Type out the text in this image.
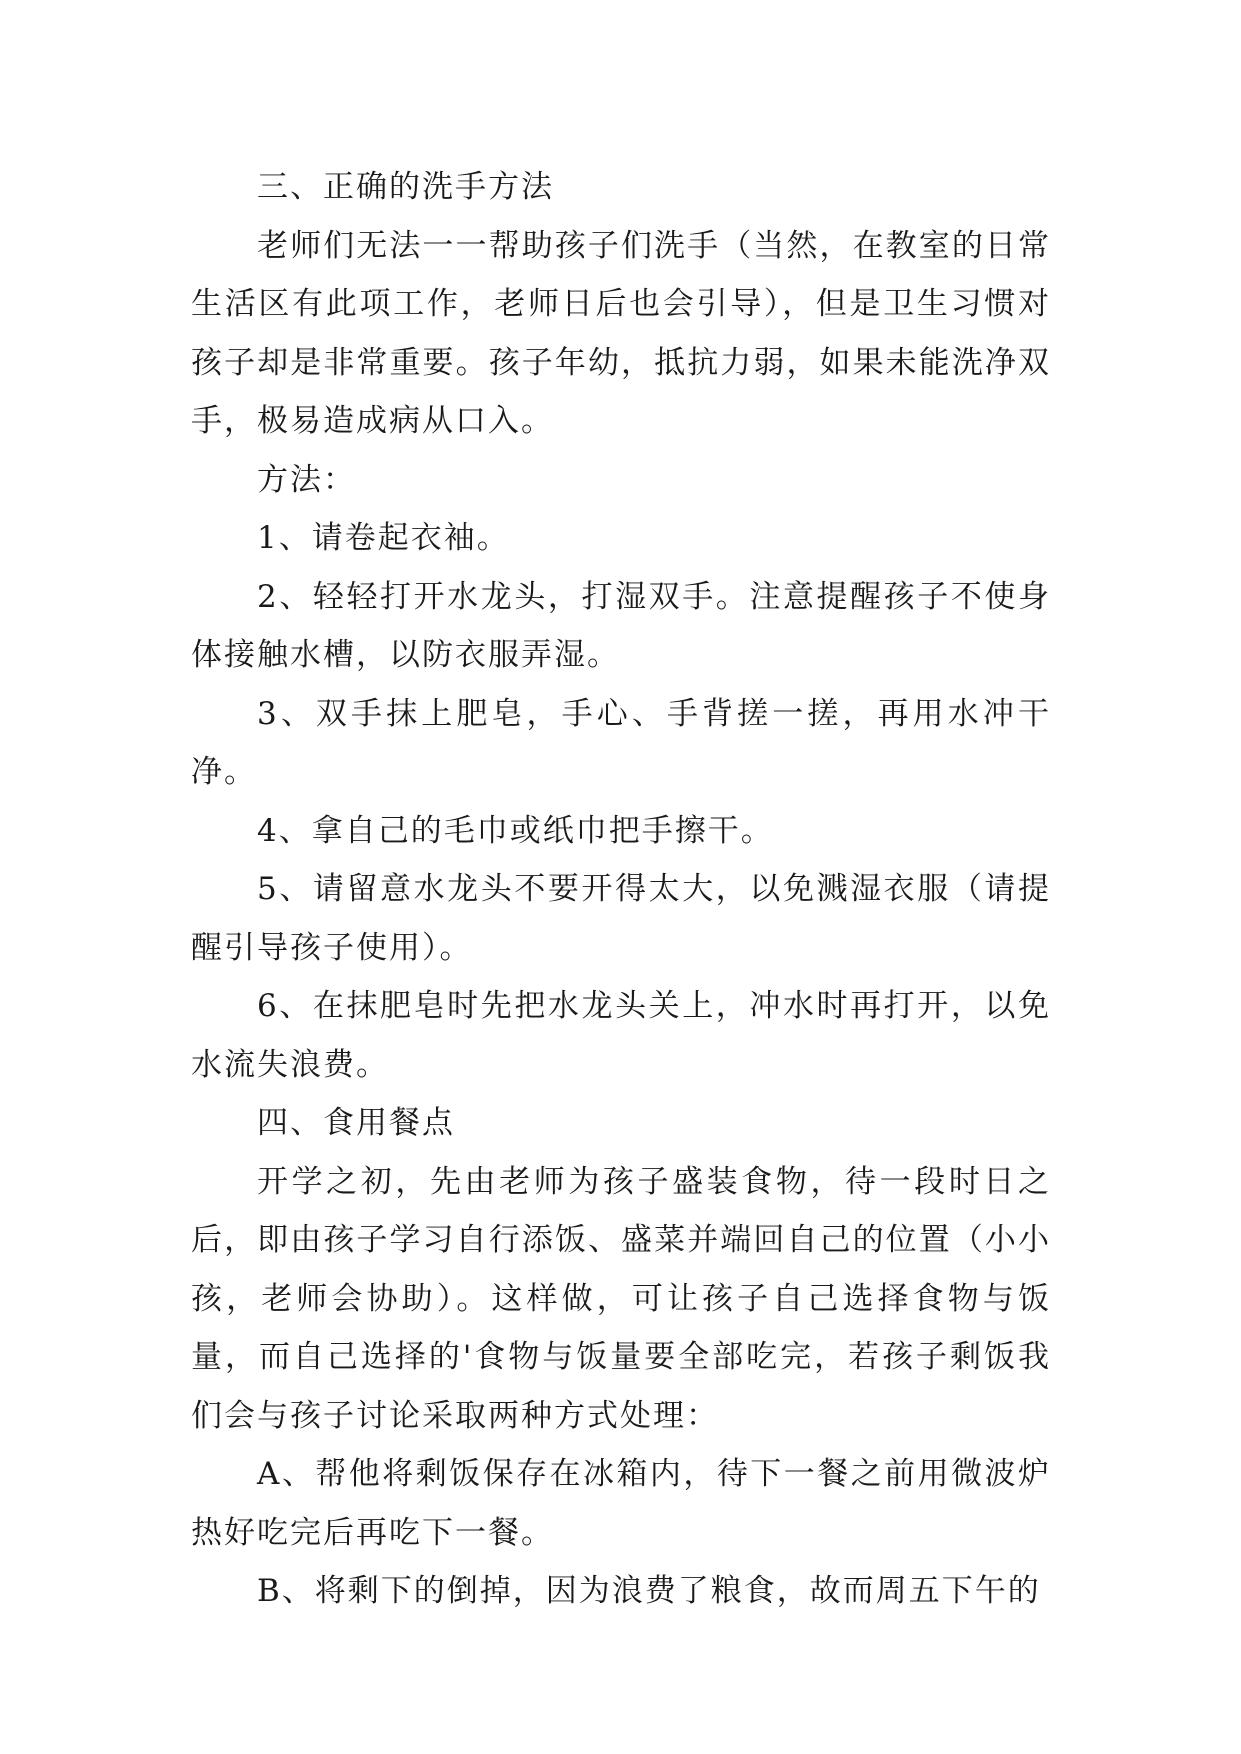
三、正确的洗手方法

老师们无法一一帮助孩子们洗手（当然，在教室的日常生活区有此项工作，老师日后也会引导），但是卫生习惯对孩子却是非常重要。孩子年幼，抵抗力弱，如果未能洗净双手，极易造成病从口入。

方法：

1、请卷起衣袖。

2、轻轻打开水龙头，打湿双手。注意提醒孩子不使身体接触水槽，以防衣服弄湿。

3、双手抹上肥皂，手心、手背搓一搓，再用水冲干净。

4、拿自己的毛巾或纸巾把手擦干。

5、请留意水龙头不要开得太大，以免溅湿衣服（请提醒引导孩子使用）。

6、在抹肥皂时先把水龙头关上，冲水时再打开，以免水流失浪费。

四、食用餐点

开学之初，先由老师为孩子盛装食物，待一段时日之后，即由孩子学习自行添饭、盛菜并端回自己的位置（小小孩，老师会协助）。这样做，可让孩子自己选择食物与饭量，而自己选择的'食物与饭量要全部吃完，若孩子剩饭我们会与孩子讨论采取两种方式处理：

A、帮他将剩饭保存在冰箱内，待下一餐之前用微波炉热好吃完后再吃下一餐。

B、将剩下的倒掉，因为浪费了粮食，故而周五下午的
